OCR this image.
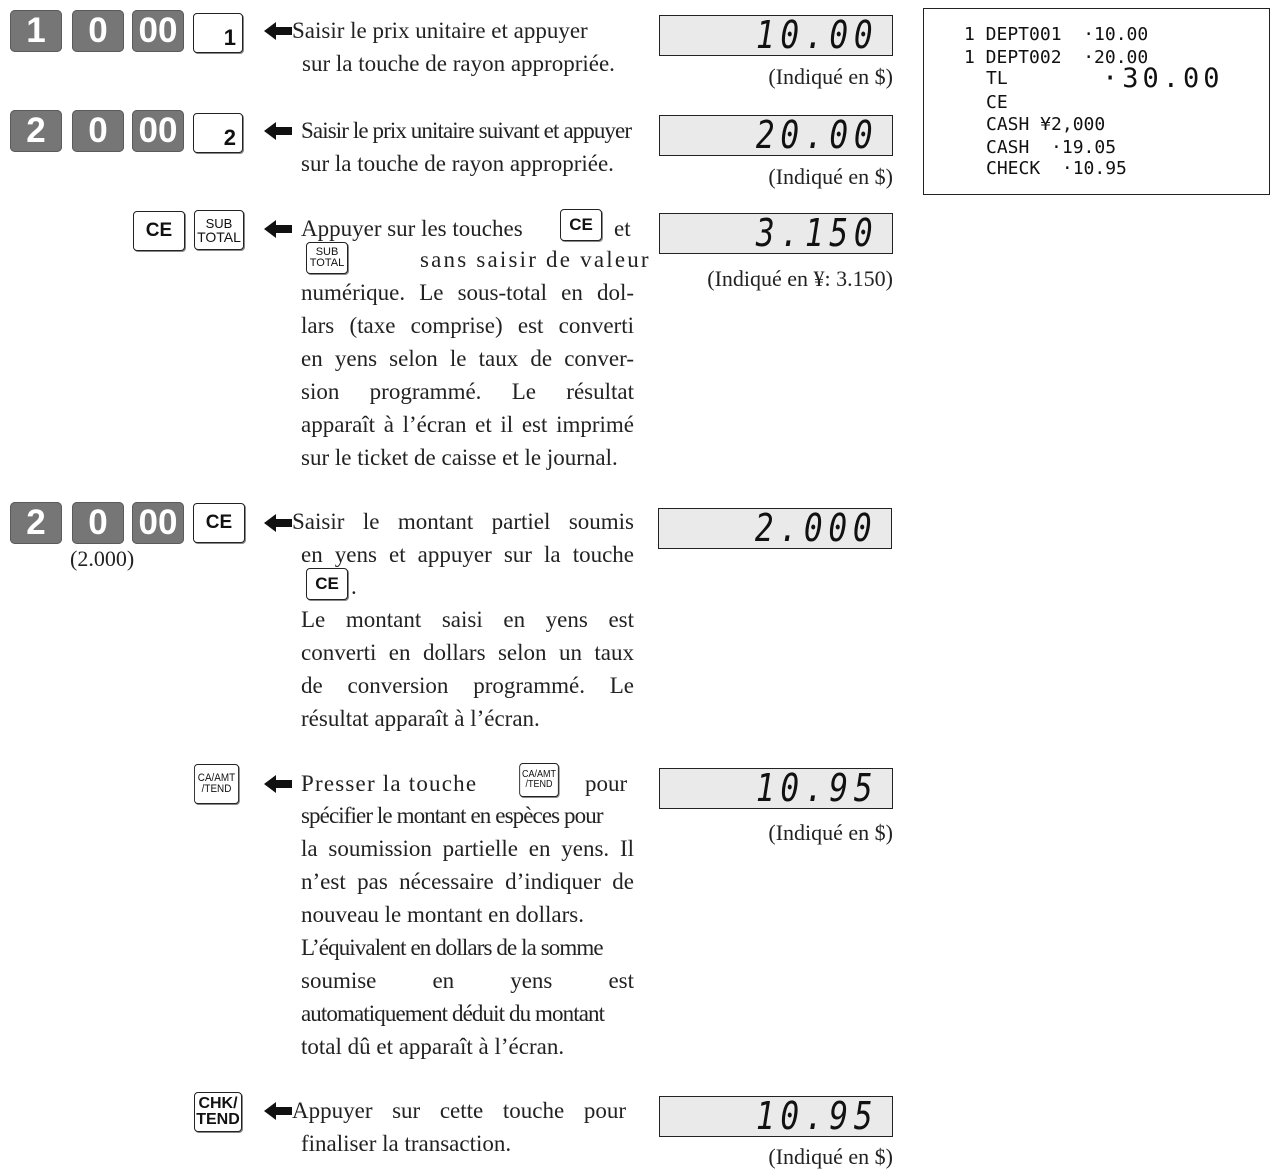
1	0 00	1	Saisir le prix unitaire et appuyer

sur la touche de rayon appropriée.

10.00
(Indiqué en $)
2	0 00	2	Saisir le prix unitaire suivant et appuyer

sur la touche de rayon appropriée.

20.00
(Indiqué en $)
CE	SUB
TOTAL	Appuyer sur les touches	CE et
SUB
TOTAL	sans saisir de valeur

numérique. Le sous-total en dol-

lars (taxe comprise) est converti

en yens selon le taux de conver-

sion programmé. Le résultat

apparaît à l’écran et il est imprimé

sur le ticket de caisse et le journal.

3.150
(Indiqué en ¥: 3.150)
2	0 00	CE
(2.000)

Saisir le montant partiel soumis

en yens et appuyer sur la touche

CE .

Le montant saisi en yens est

converti en dollars selon un taux

de conversion programmé. Le

résultat apparaît à l’écran.

2.000
CA/AMT
/TEND	Presser la touche	CA/AMT
/TEND pour

spécifier le montant en espèces pour

la soumission partielle en yens. Il

n’est pas nécessaire d’indiquer de

nouveau le montant en dollars.

L’équivalent en dollars de la somme

soumise en yens est

automatiquement déduit du montant

total dû et apparaît à l’écran.

10.95
(Indiqué en $)
CHK/
TEND Appuyer sur cette touche pour

finaliser la transaction.

10.95
(Indiqué en $)
1 DEPT001  ·10.00
1 DEPT002  ·20.00
TL	·30.00
CE
CASH ¥2,000
CASH  ·19.05
CHECK  ·10.95
